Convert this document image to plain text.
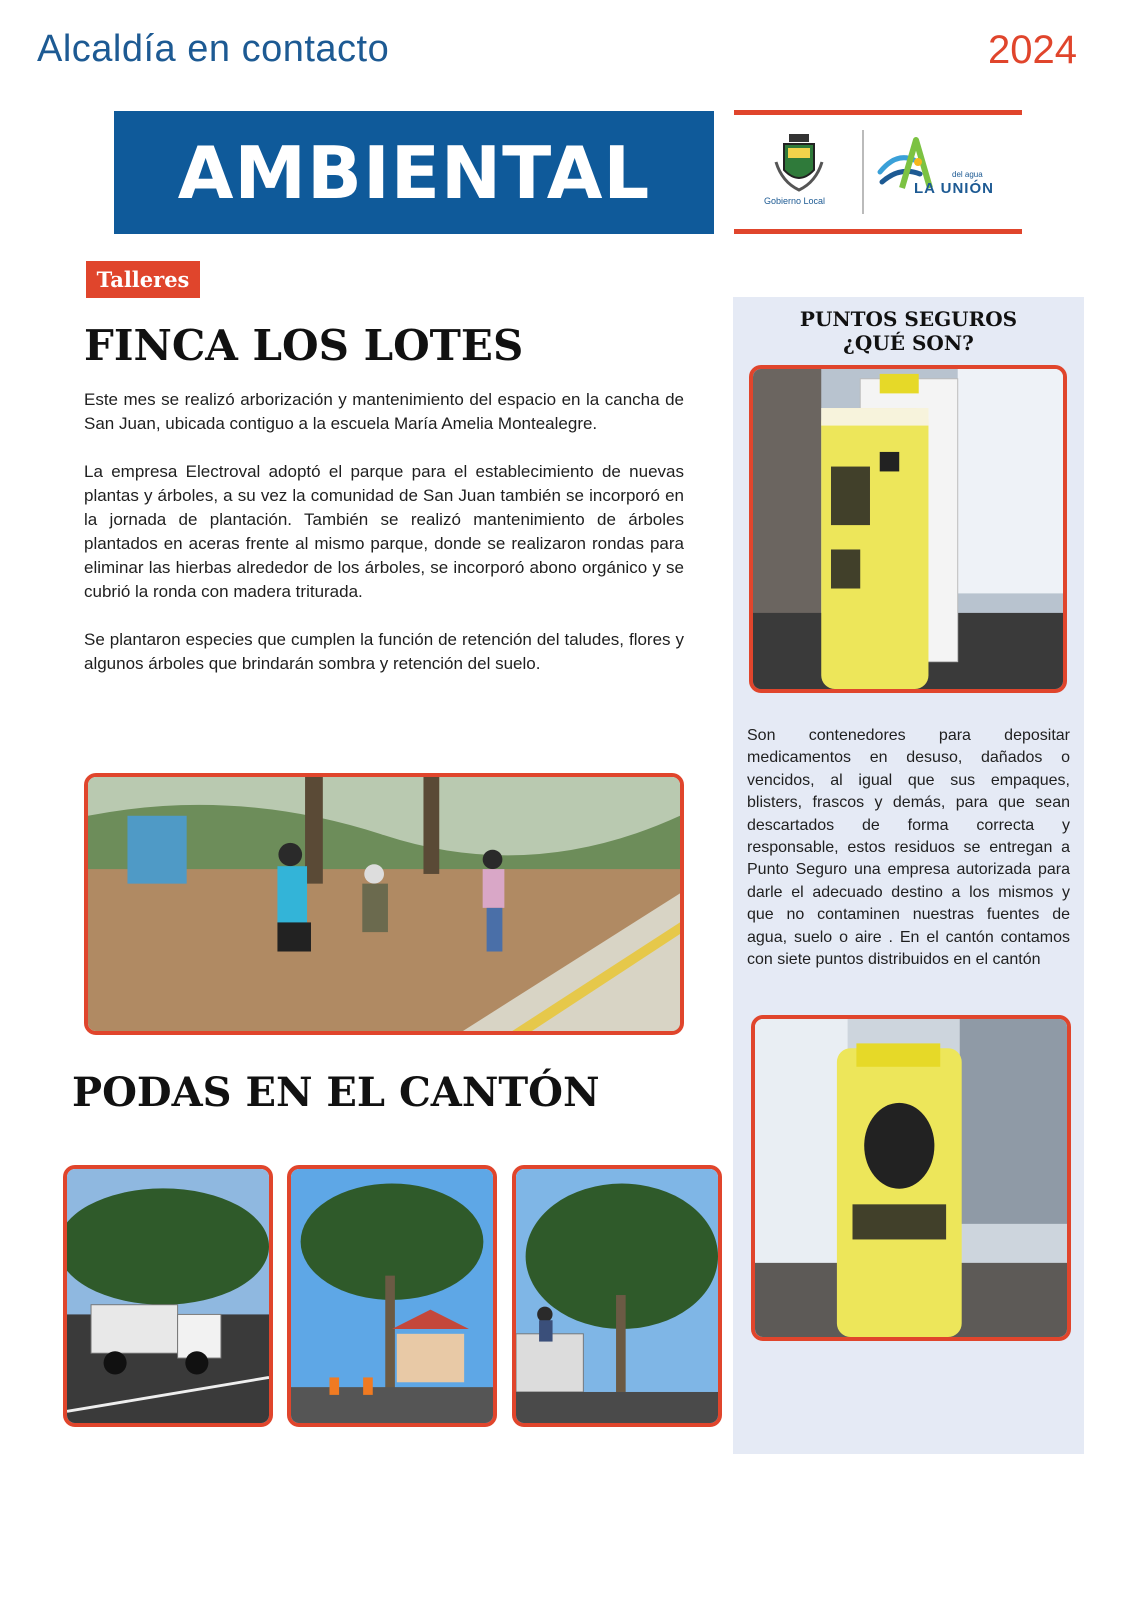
Alcaldía en contacto	2024
AMBIENTAL	Gobierno Local
del agua
LA UNIÓN
Talleres
FINCA LOS LOTES

Este mes se realizó arborización y mantenimiento del espacio en la cancha de San Juan, ubicada contiguo a la escuela María Amelia Montealegre.

La empresa Electroval adoptó el parque para el establecimiento de nuevas plantas y árboles, a su vez la comunidad de San Juan también se incorporó en la jornada de plantación. También se realizó mantenimiento de árboles plantados en aceras frente al mismo parque, donde se realizaron rondas para eliminar las hierbas alrededor de los árboles, se incorporó abono orgánico y se cubrió la ronda con madera triturada.

Se plantaron especies que cumplen la función de retención del taludes, flores y algunos árboles que brindarán sombra y retención del suelo.

PODAS EN EL CANTÓN
PUNTOS SEGUROS
¿QUÉ SON?
Son contenedores para depositar medicamentos en desuso, dañados o vencidos, al igual que sus empaques, blisters, frascos y demás, para que sean descartados de forma correcta y responsable, estos residuos se entregan a Punto Seguro una empresa autorizada para darle el adecuado destino a los mismos y que no contaminen nuestras fuentes de agua, suelo o aire . En el cantón contamos con siete puntos distribuidos en el cantón
